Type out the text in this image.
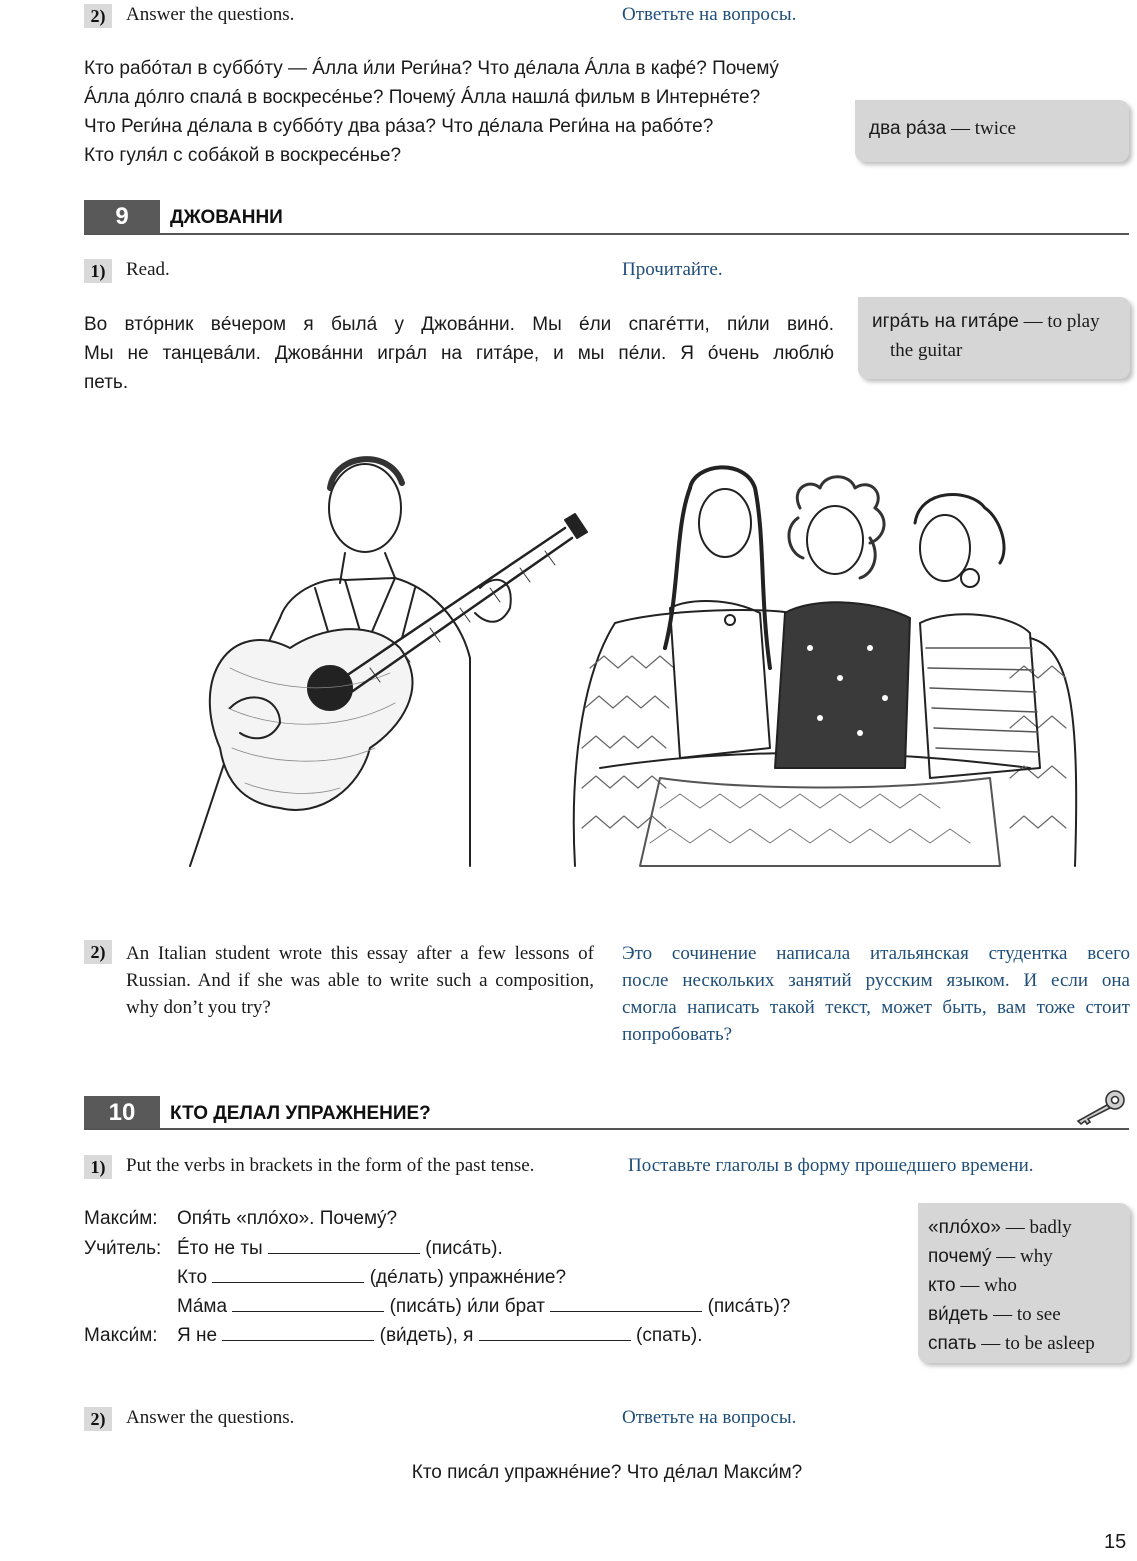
2)	Answer the questions.	Ответьте на вопросы.
Кто рабóтал в суббóту — Áлла и́ли Реги́на? Что дéлала Áлла в кафé? Почемý
Áлла дóлго спалá в воскресéнье? Почемý Áлла нашлá фильм в Интернéте?
Что Реги́на дéлала в суббóту два рáза? Что дéлала Реги́на на рабóте?
Кто гуля́л с собáкой в воскресéнье?
два рáза — twice
9	ДЖОВАННИ
1)	Read.	Прочитайте.
Во втóрник вéчером я былá у Джовáнни. Мы éли спагéтти, пи́ли винó.
Мы не танцевáли. Джовáнни игрáл на гитáре, и мы пéли. Я óчень люблю́
петь.
игрáть на гитáре — to play
the guitar
2)	An Italian student wrote this essay after a few lessons of
Russian. And if she was able to write such a composition,
why don’t you try?
Это сочинение написала итальянская студентка всего
после нескольких занятий русским языком. И если она
смогла написать такой текст, может быть, вам тоже стоит
попробовать?
10	КТО ДЕЛАЛ УПРАЖНЕНИЕ?
1)	Put the verbs in brackets in the form of the past tense.	Поставьте глаголы в форму прошедшего времени.
Макси́м: Опя́ть «плóхо». Почемý?
Учи́тель: Éто не ты	(писáть).
Кто	(дéлать) упражнéние?
Мáма	(писáть) и́ли брат	(писáть)?
Макси́м: Я не	(ви́деть), я	(спать).
«плóхо» — badly
почемý — why
кто — who
ви́деть — to see
спать — to be asleep
2)	Answer the questions.	Ответьте на вопросы.
Кто писáл упражнéние? Что дéлал Макси́м?
15
